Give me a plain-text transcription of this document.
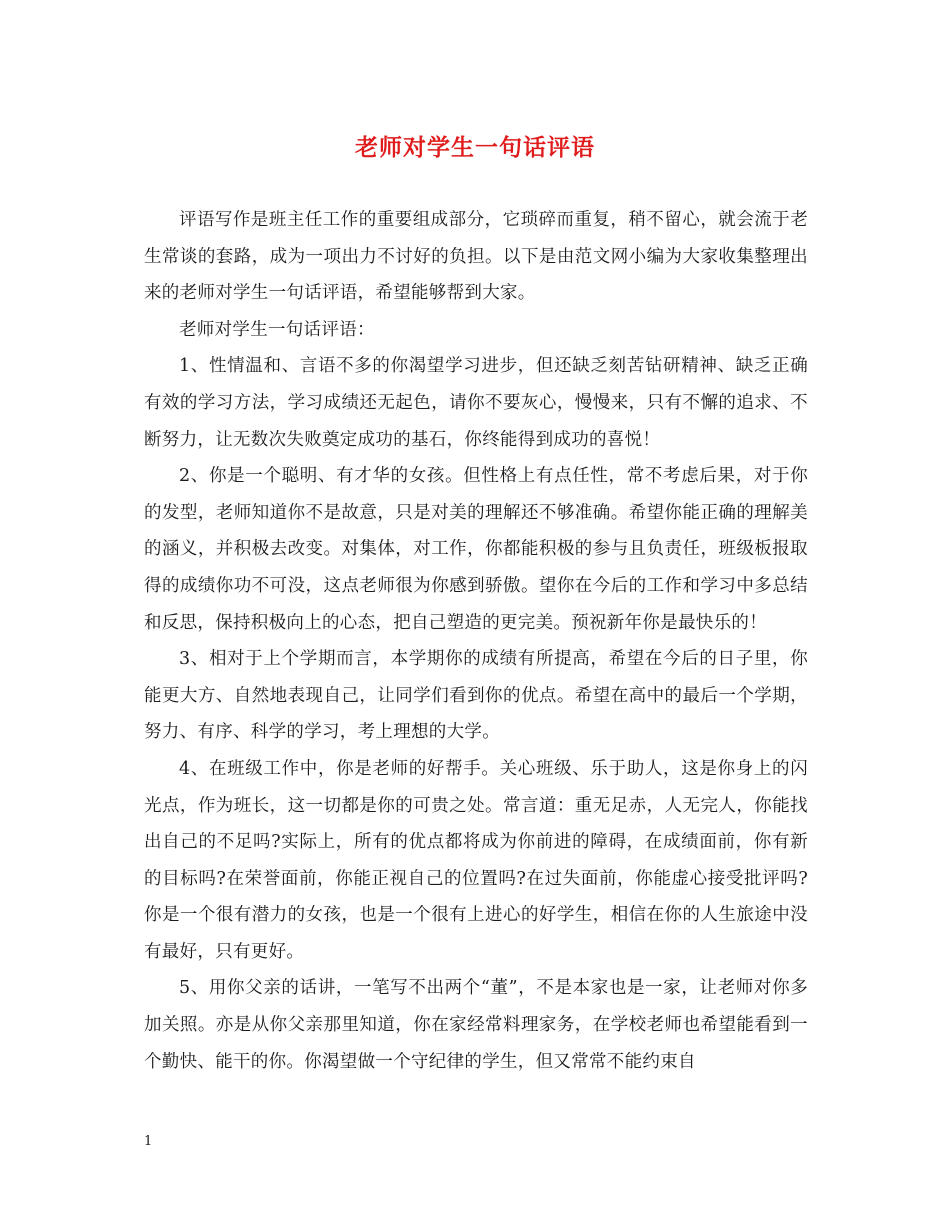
老师对学生一句话评语

评语写作是班主任工作的重要组成部分，它琐碎而重复，稍不留心，就会流于老生常谈的套路，成为一项出力不讨好的负担。以下是由范文网小编为大家收集整理出来的老师对学生一句话评语，希望能够帮到大家。

老师对学生一句话评语：

1、性情温和、言语不多的你渴望学习进步，但还缺乏刻苦钻研精神、缺乏正确有效的学习方法，学习成绩还无起色，请你不要灰心，慢慢来，只有不懈的追求、不断努力，让无数次失败奠定成功的基石，你终能得到成功的喜悦！

2、你是一个聪明、有才华的女孩。但性格上有点任性，常不考虑后果，对于你的发型，老师知道你不是故意，只是对美的理解还不够准确。希望你能正确的理解美的涵义，并积极去改变。对集体，对工作，你都能积极的参与且负责任，班级板报取得的成绩你功不可没，这点老师很为你感到骄傲。望你在今后的工作和学习中多总结和反思，保持积极向上的心态，把自己塑造的更完美。预祝新年你是最快乐的！

3、相对于上个学期而言，本学期你的成绩有所提高，希望在今后的日子里，你能更大方、自然地表现自己，让同学们看到你的优点。希望在高中的最后一个学期，努力、有序、科学的学习，考上理想的大学。

4、在班级工作中，你是老师的好帮手。关心班级、乐于助人，这是你身上的闪光点，作为班长，这一切都是你的可贵之处。常言道：重无足赤，人无完人，你能找出自己的不足吗?实际上，所有的优点都将成为你前进的障碍，在成绩面前，你有新的目标吗?在荣誉面前，你能正视自己的位置吗?在过失面前，你能虚心接受批评吗?你是一个很有潜力的女孩，也是一个很有上进心的好学生，相信在你的人生旅途中没有最好，只有更好。

5、用你父亲的话讲，一笔写不出两个“董”，不是本家也是一家，让老师对你多加关照。亦是从你父亲那里知道，你在家经常料理家务，在学校老师也希望能看到一个勤快、能干的你。你渴望做一个守纪律的学生，但又常常不能约束自

1
